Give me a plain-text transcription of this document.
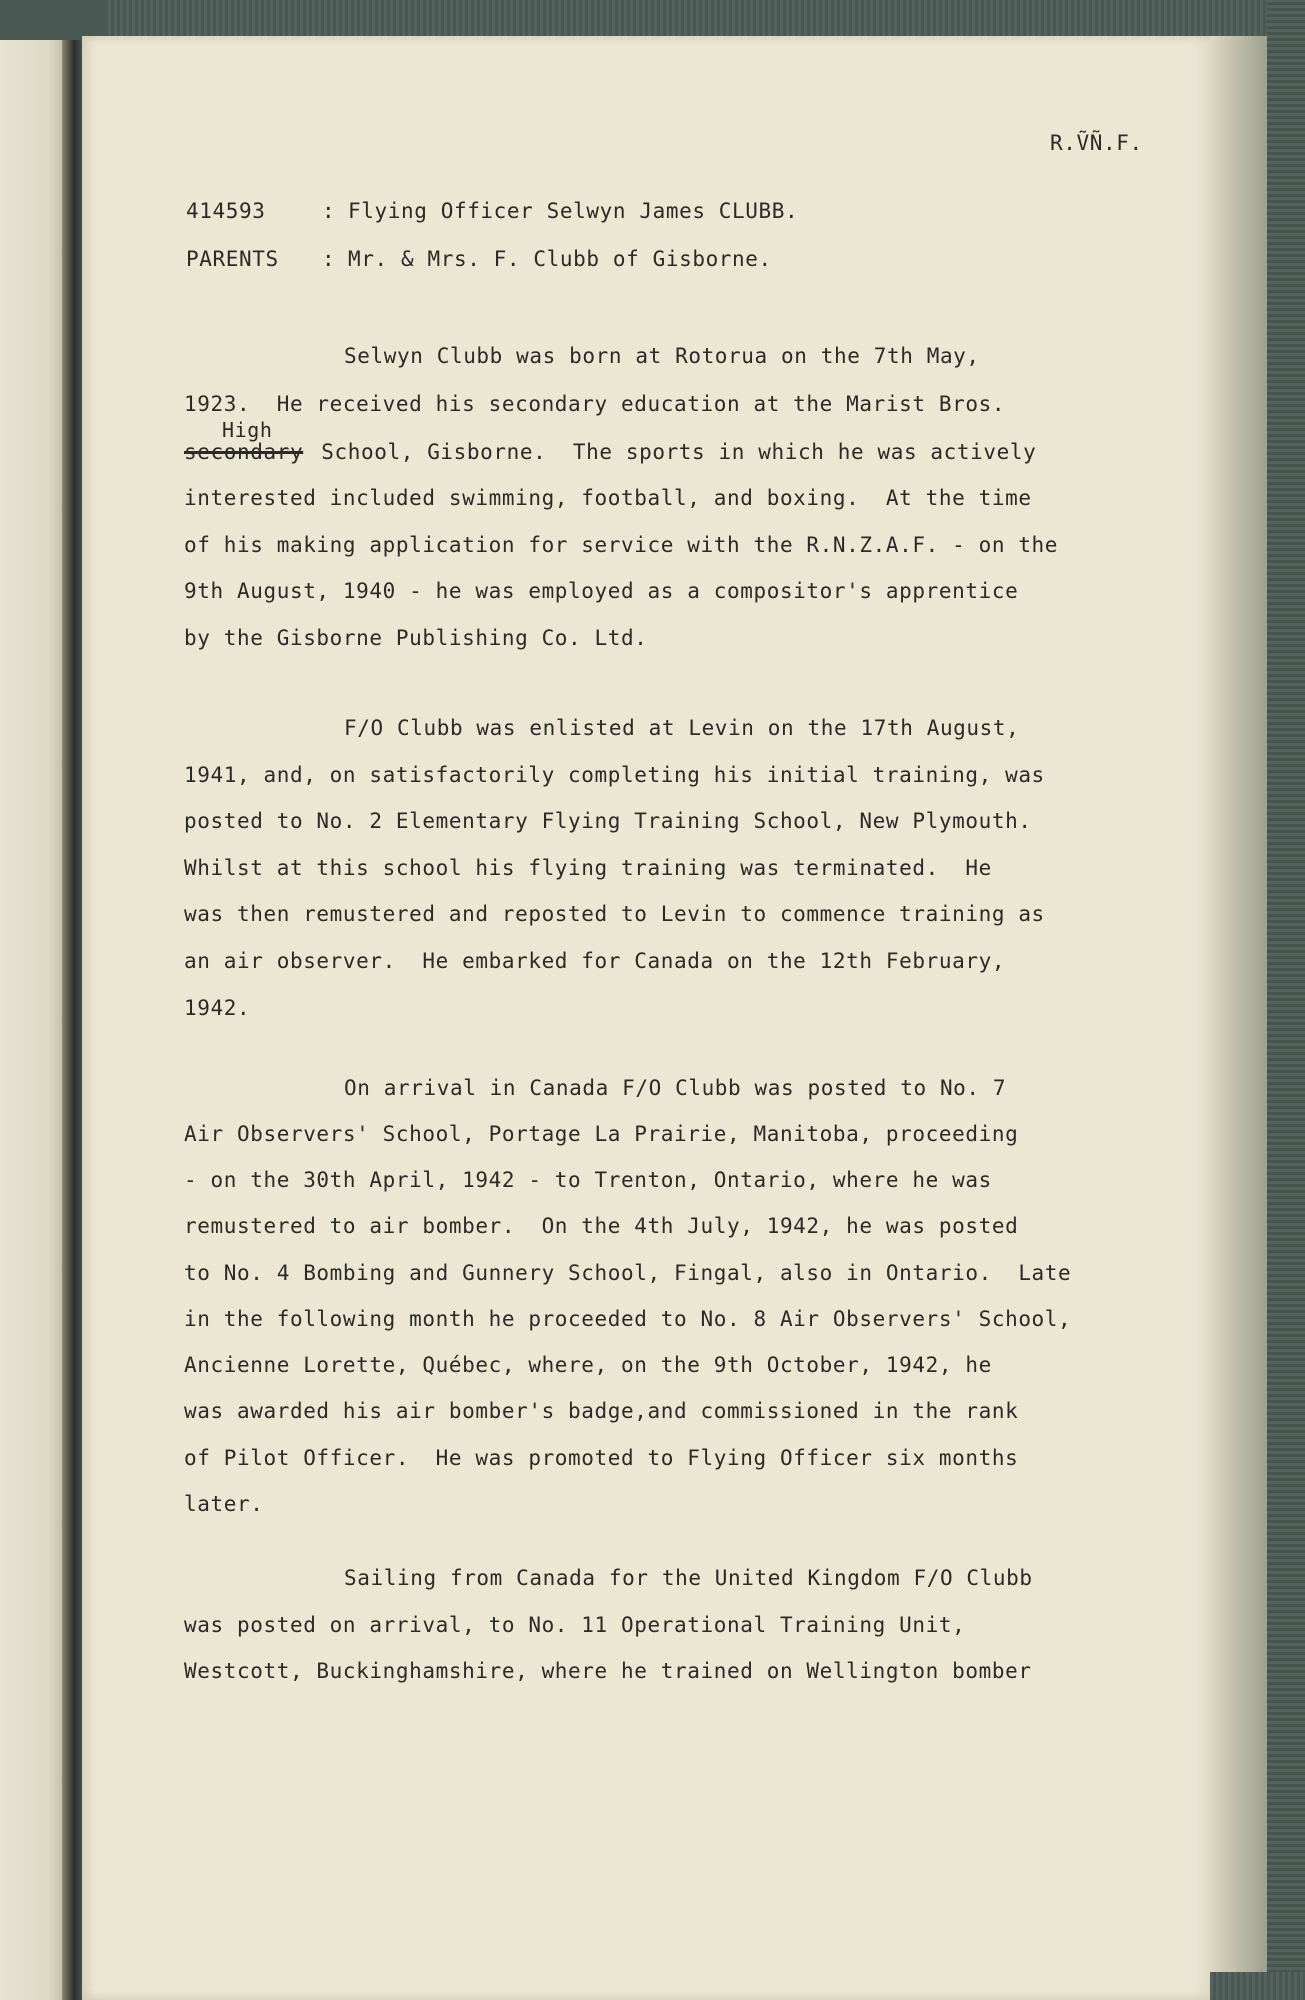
R.ṼÑ.F.
414593	: Flying Officer Selwyn James CLUBB.
PARENTS : Mr. & Mrs. F. Clubb of Gisborne.
Selwyn Clubb was born at Rotorua on the 7th May,
1923.  He received his secondary education at the Marist Bros.
High
secondary School, Gisborne.  The sports in which he was actively
interested included swimming, football, and boxing.  At the time
of his making application for service with the R.N.Z.A.F. - on the
9th August, 1940 - he was employed as a compositor's apprentice
by the Gisborne Publishing Co. Ltd.
F/O Clubb was enlisted at Levin on the 17th August,
1941, and, on satisfactorily completing his initial training, was
posted to No. 2 Elementary Flying Training School, New Plymouth.
Whilst at this school his flying training was terminated.  He
was then remustered and reposted to Levin to commence training as
an air observer.  He embarked for Canada on the 12th February,
1942.
On arrival in Canada F/O Clubb was posted to No. 7
Air Observers' School, Portage La Prairie, Manitoba, proceeding
- on the 30th April, 1942 - to Trenton, Ontario, where he was
remustered to air bomber.  On the 4th July, 1942, he was posted
to No. 4 Bombing and Gunnery School, Fingal, also in Ontario.  Late
in the following month he proceeded to No. 8 Air Observers' School,
Ancienne Lorette, Québec, where, on the 9th October, 1942, he
was awarded his air bomber's badge,and commissioned in the rank
of Pilot Officer.  He was promoted to Flying Officer six months
later.
Sailing from Canada for the United Kingdom F/O Clubb
was posted on arrival, to No. 11 Operational Training Unit,
Westcott, Buckinghamshire, where he trained on Wellington bomber
